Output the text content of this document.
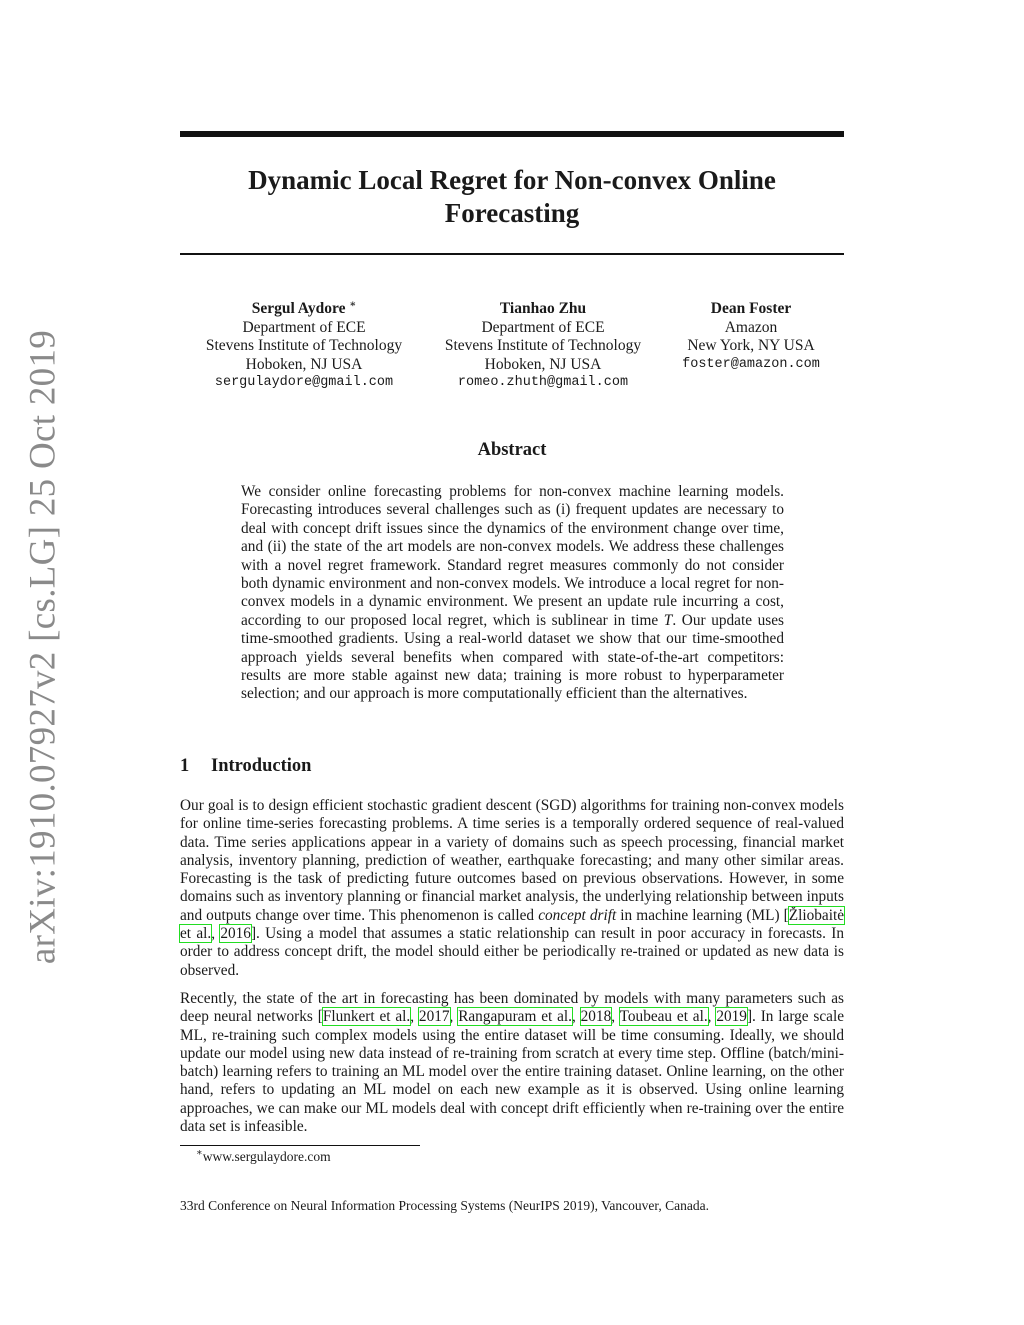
arXiv:1910.07927v2 [cs.LG] 25 Oct 2019
Dynamic Local Regret for Non-convex Online
Forecasting
Sergul Aydore ∗
Department of ECE
Stevens Institute of Technology
Hoboken, NJ USA
sergulaydore@gmail.com
Tianhao Zhu
Department of ECE
Stevens Institute of Technology
Hoboken, NJ USA
romeo.zhuth@gmail.com
Dean Foster
Amazon
New York, NY USA
foster@amazon.com
Abstract
We consider online forecasting problems for non-convex machine learning models. Forecasting introduces several challenges such as (i) frequent updates are necessary to deal with concept drift issues since the dynamics of the environment change over time, and (ii) the state of the art models are non-convex models. We address these challenges with a novel regret framework. Standard regret measures commonly do not consider both dynamic environment and non-convex models. We introduce a local regret for non-convex models in a dynamic environment. We present an update rule incurring a cost, according to our proposed local regret, which is sublinear in time T. Our update uses time-smoothed gradients. Using a real-world dataset we show that our time-smoothed approach yields several benefits when compared with state-of-the-art competitors: results are more stable against new data; training is more robust to hyperparameter selection; and our approach is more computationally efficient than the alternatives.
1 Introduction
Our goal is to design efficient stochastic gradient descent (SGD) algorithms for training non-convex models for online time-series forecasting problems. A time series is a temporally ordered sequence of real-valued data. Time series applications appear in a variety of domains such as speech processing, financial market analysis, inventory planning, prediction of weather, earthquake forecasting; and many other similar areas. Forecasting is the task of predicting future outcomes based on previous observations. However, in some domains such as inventory planning or financial market analysis, the underlying relationship between inputs and outputs change over time. This phenomenon is called concept drift in machine learning (ML) [Žliobaitė et al., 2016]. Using a model that assumes a static relationship can result in poor accuracy in forecasts. In order to address concept drift, the model should either be periodically re-trained or updated as new data is observed.
Recently, the state of the art in forecasting has been dominated by models with many parameters such as deep neural networks [Flunkert et al., 2017, Rangapuram et al., 2018, Toubeau et al., 2019]. In large scale ML, re-training such complex models using the entire dataset will be time consuming. Ideally, we should update our model using new data instead of re-training from scratch at every time step. Offline (batch/mini-batch) learning refers to training an ML model over the entire training dataset. Online learning, on the other hand, refers to updating an ML model on each new example as it is observed. Using online learning approaches, we can make our ML models deal with concept drift efficiently when re-training over the entire data set is infeasible.
∗www.sergulaydore.com
33rd Conference on Neural Information Processing Systems (NeurIPS 2019), Vancouver, Canada.
